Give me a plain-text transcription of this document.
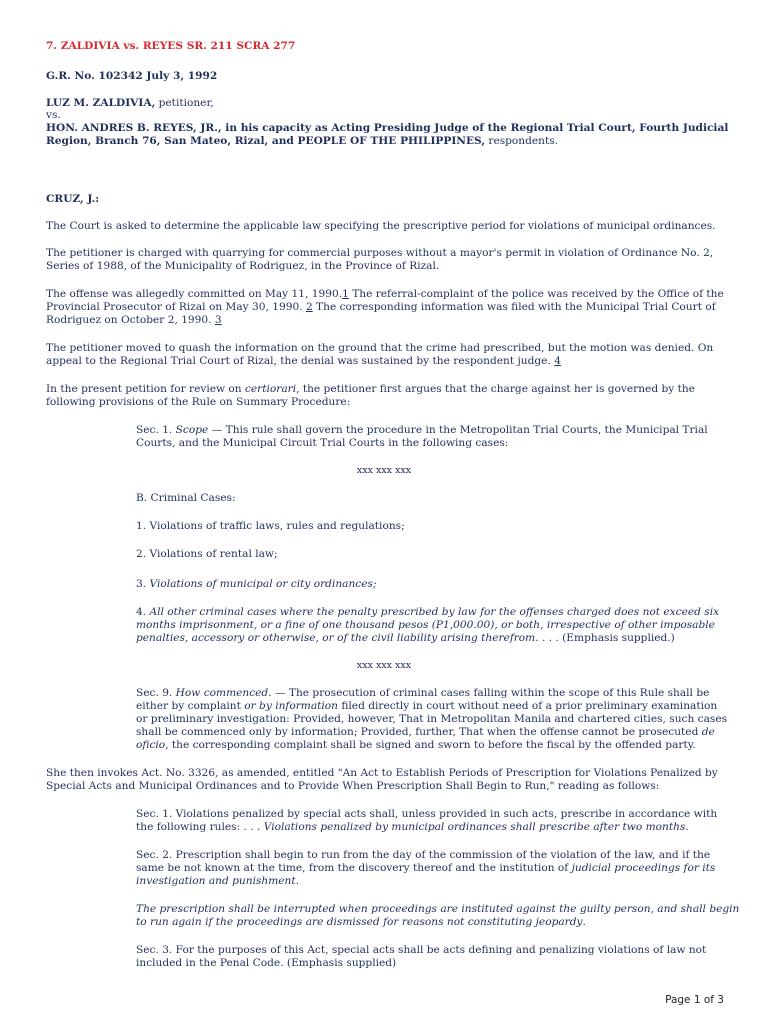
7. ZALDIVIA vs. REYES SR. 211 SCRA 277
G.R. No. 102342 July 3, 1992
LUZ M. ZALDIVIA, petitioner,
vs.
HON. ANDRES B. REYES, JR., in his capacity as Acting Presiding Judge of the Regional Trial Court, Fourth Judicial
Region, Branch 76, San Mateo, Rizal, and PEOPLE OF THE PHILIPPINES, respondents.
CRUZ, J.:
The Court is asked to determine the applicable law specifying the prescriptive period for violations of municipal ordinances.
The petitioner is charged with quarrying for commercial purposes without a mayor's permit in violation of Ordinance No. 2,
Series of 1988, of the Municipality of Rodriguez, in the Province of Rizal.
The offense was allegedly committed on May 11, 1990.1 The referral-complaint of the police was received by the Office of the
Provincial Prosecutor of Rizal on May 30, 1990. 2 The corresponding information was filed with the Municipal Trial Court of
Rodriguez on October 2, 1990. 3
The petitioner moved to quash the information on the ground that the crime had prescribed, but the motion was denied. On
appeal to the Regional Trial Court of Rizal, the denial was sustained by the respondent judge. 4
In the present petition for review on certiorari, the petitioner first argues that the charge against her is governed by the
following provisions of the Rule on Summary Procedure:
Sec. 1. Scope — This rule shall govern the procedure in the Metropolitan Trial Courts, the Municipal Trial
Courts, and the Municipal Circuit Trial Courts in the following cases:
xxx xxx xxx
B. Criminal Cases:
1. Violations of traffic laws, rules and regulations;
2. Violations of rental law;
3. Violations of municipal or city ordinances;
4. All other criminal cases where the penalty prescribed by law for the offenses charged does not exceed six
months imprisonment, or a fine of one thousand pesos (P1,000.00), or both, irrespective of other imposable
penalties, accessory or otherwise, or of the civil liability arising therefrom. . . . (Emphasis supplied.)
xxx xxx xxx
Sec. 9. How commenced. — The prosecution of criminal cases falling within the scope of this Rule shall be
either by complaint or by information filed directly in court without need of a prior preliminary examination
or preliminary investigation: Provided, however, That in Metropolitan Manila and chartered cities, such cases
shall be commenced only by information; Provided, further, That when the offense cannot be prosecuted de
oficio, the corresponding complaint shall be signed and sworn to before the fiscal by the offended party.
She then invokes Act. No. 3326, as amended, entitled "An Act to Establish Periods of Prescription for Violations Penalized by
Special Acts and Municipal Ordinances and to Provide When Prescription Shall Begin to Run," reading as follows:
Sec. 1. Violations penalized by special acts shall, unless provided in such acts, prescribe in accordance with
the following rules: . . . Violations penalized by municipal ordinances shall prescribe after two months.
Sec. 2. Prescription shall begin to run from the day of the commission of the violation of the law, and if the
same be not known at the time, from the discovery thereof and the institution of judicial proceedings for its
investigation and punishment.
The prescription shall be interrupted when proceedings are instituted against the guilty person, and shall begin
to run again if the proceedings are dismissed for reasons not constituting jeopardy.
Sec. 3. For the purposes of this Act, special acts shall be acts defining and penalizing violations of law not
included in the Penal Code. (Emphasis supplied)
Page 1 of 3
